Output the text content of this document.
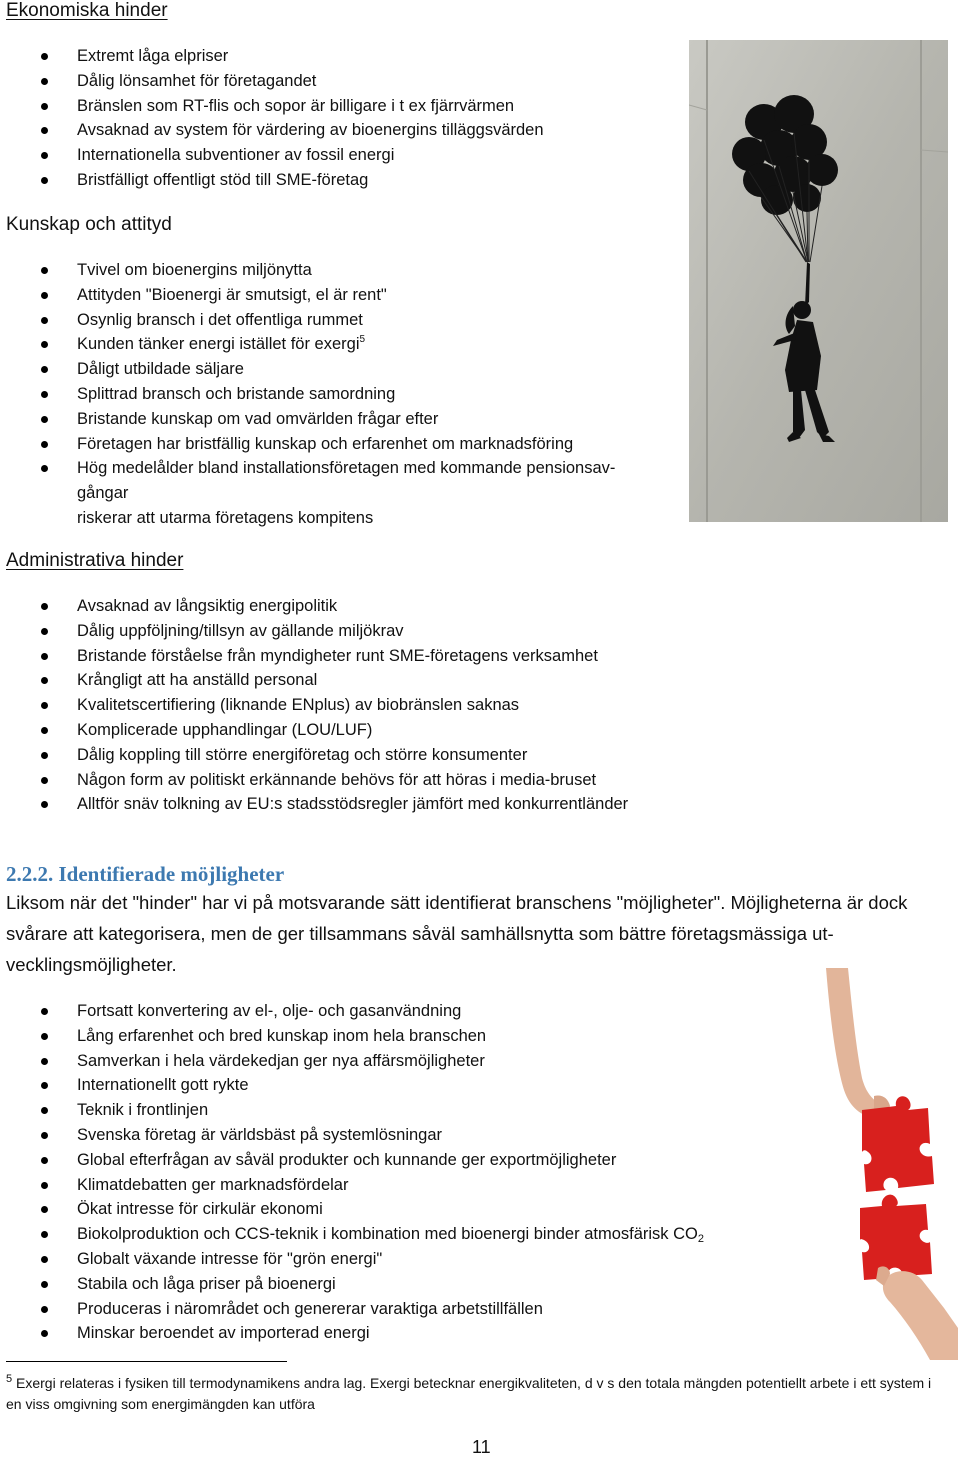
Ekonomiska hinder
Extremt låga elpriser
Dålig lönsamhet för företagandet
Bränslen som RT-flis och sopor är billigare i t ex fjärrvärmen
Avsaknad av system för värdering av bioenergins tilläggsvärden
Internationella subventioner av fossil energi
Bristfälligt offentligt stöd till SME-företag
Kunskap och attityd
Tvivel om bioenergins miljönytta
Attityden "Bioenergi är smutsigt, el är rent"
Osynlig bransch i det offentliga rummet
Kunden tänker energi istället för exergi$^5$
Dåligt utbildade säljare
Splittrad bransch och bristande samordning
Bristande kunskap om vad omvärlden frågar efter
Företagen har bristfällig kunskap och erfarenhet om marknadsföring
Hög medelålder bland installationsföretagen med kommande pensionsav-
gångar
riskerar att utarma företagens kompitens
Administrativa hinder
Avsaknad av långsiktig energipolitik
Dålig uppföljning/tillsyn av gällande miljökrav
Bristande förståelse från myndigheter runt SME-företagens verksamhet
Krångligt att ha anställd personal
Kvalitetscertifiering (liknande ENplus) av biobränslen saknas
Komplicerade upphandlingar (LOU/LUF)
Dålig koppling till större energiföretag och större konsumenter
Någon form av politiskt erkännande behövs för att höras i media-bruset
Alltför snäv tolkning av EU:s stadsstödsregler jämfört med konkurrentländer
2.2.2. Identifierade möjligheter
Liksom när det "hinder" har vi på motsvarande sätt identifierat branschens "möjligheter". Möjligheterna är dock svårare att kategorisera, men de ger tillsammans såväl samhällsnytta som bättre företagsmässiga ut-vecklingsmöjligheter.
Fortsatt konvertering av el-, olje- och gasanvändning
Lång erfarenhet och bred kunskap inom hela branschen
Samverkan i hela värdekedjan ger nya affärsmöjligheter
Internationellt gott rykte
Teknik i frontlinjen
Svenska företag är världsbäst på systemlösningar
Global efterfrågan av såväl produkter och kunnande ger exportmöjligheter
Klimatdebatten ger marknadsfördelar
Ökat intresse för cirkulär ekonomi
Biokolproduktion och CCS-teknik i kombination med bioenergi binder atmosfärisk $CO_2$
Globalt växande intresse för "grön energi"
Stabila och låga priser på bioenergi
Produceras i närområdet och genererar varaktiga arbetstillfällen
Minskar beroendet av importerad energi
$^5$ Exergi relateras i fysiken till termodynamikens andra lag. Exergi betecknar energikvaliteten, d v s den totala mängden potentiellt arbete i ett system i en viss omgivning som energimängden kan utföra
11
